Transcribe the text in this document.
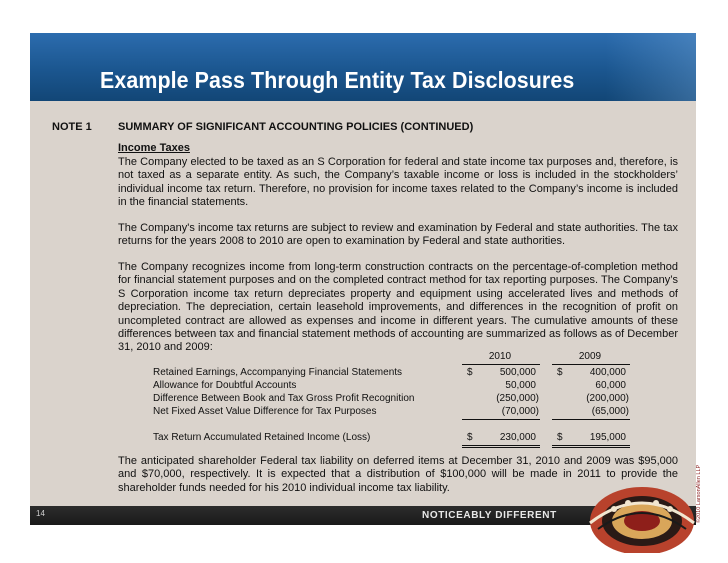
Example Pass Through Entity Tax Disclosures
NOTE 1 SUMMARY OF SIGNIFICANT ACCOUNTING POLICIES (CONTINUED)
Income Taxes
The Company elected to be taxed as an S Corporation for federal and state income tax purposes and, therefore, is not taxed as a separate entity. As such, the Company’s taxable income or loss is included in the stockholders’ individual income tax return. Therefore, no provision for income taxes related to the Company’s income is included in the financial statements.
The Company's income tax returns are subject to review and examination by Federal and state authorities. The tax returns for the years 2008 to 2010 are open to examination by Federal and state authorities.
The Company recognizes income from long-term construction contracts on the percentage-of-completion method for financial statement purposes and on the completed contract method for tax reporting purposes. The Company’s S Corporation income tax return depreciates property and equipment using accelerated lives and methods of depreciation. The depreciation, certain leasehold improvements, and differences in the recognition of profit on uncompleted contract are allowed as expenses and income in different years. The cumulative amounts of these differences between tax and financial statement methods of accounting are summarized as follows as of December 31, 2010 and 2009:
2010	2009
Retained Earnings, Accompanying Financial Statements	$	500,000 $	400,000
Allowance for Doubtful Accounts	50,000	60,000
Difference Between Book and Tax Gross Profit Recognition	(250,000)	(200,000)
Net Fixed Asset Value Difference for Tax Purposes	(70,000)	(65,000)
Tax Return Accumulated Retained Income (Loss)	$	230,000 $	195,000
The anticipated shareholder Federal tax liability on deferred items at December 31, 2010 and 2009 was $95,000 and $70,000, respectively. It is expected that a distribution of $100,000 will be made in 2011 to provide the shareholder funds needed for his 2010 individual income tax liability.	©2010 LarsonAllen LLP
14	NOTICEABLY DIFFERENT
